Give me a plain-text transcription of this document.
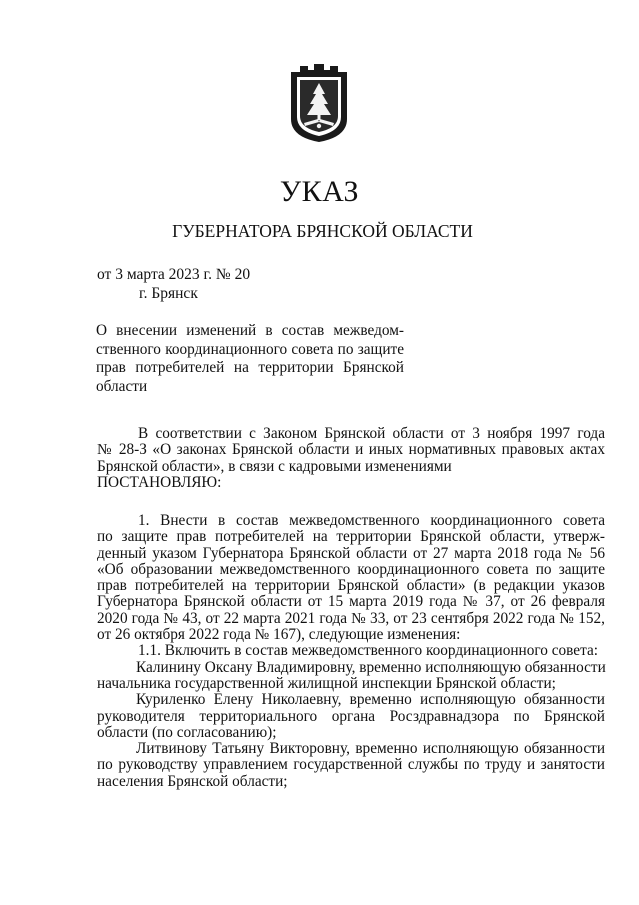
УКАЗ
ГУБЕРНАТОРА БРЯНСКОЙ ОБЛАСТИ
от 3 марта 2023 г. № 20
г. Брянск
О внесении изменений в состав межведом-
ственного координационного совета по защите
прав потребителей на территории Брянской
области
В соответствии с Законом Брянской области от 3 ноября 1997 года
№ 28-З «О законах Брянской области и иных нормативных правовых актах
Брянской области», в связи с кадровыми изменениями
ПОСТАНОВЛЯЮ:
1. Внести в состав межведомственного координационного совета
по защите прав потребителей на территории Брянской области, утверж-
денный указом Губернатора Брянской области от 27 марта 2018 года № 56
«Об образовании межведомственного координационного совета по защите
прав потребителей на территории Брянской области» (в редакции указов
Губернатора Брянской области от 15 марта 2019 года № 37, от 26 февраля
2020 года № 43, от 22 марта 2021 года № 33, от 23 сентября 2022 года № 152,
от 26 октября 2022 года № 167), следующие изменения:
1.1. Включить в состав межведомственного координационного совета:
Калинину Оксану Владимировну, временно исполняющую обязанности
начальника государственной жилищной инспекции Брянской области;
Куриленко Елену Николаевну, временно исполняющую обязанности
руководителя территориального органа Росздравнадзора по Брянской
области (по согласованию);
Литвинову Татьяну Викторовну, временно исполняющую обязанности
по руководству управлением государственной службы по труду и занятости
населения Брянской области;
